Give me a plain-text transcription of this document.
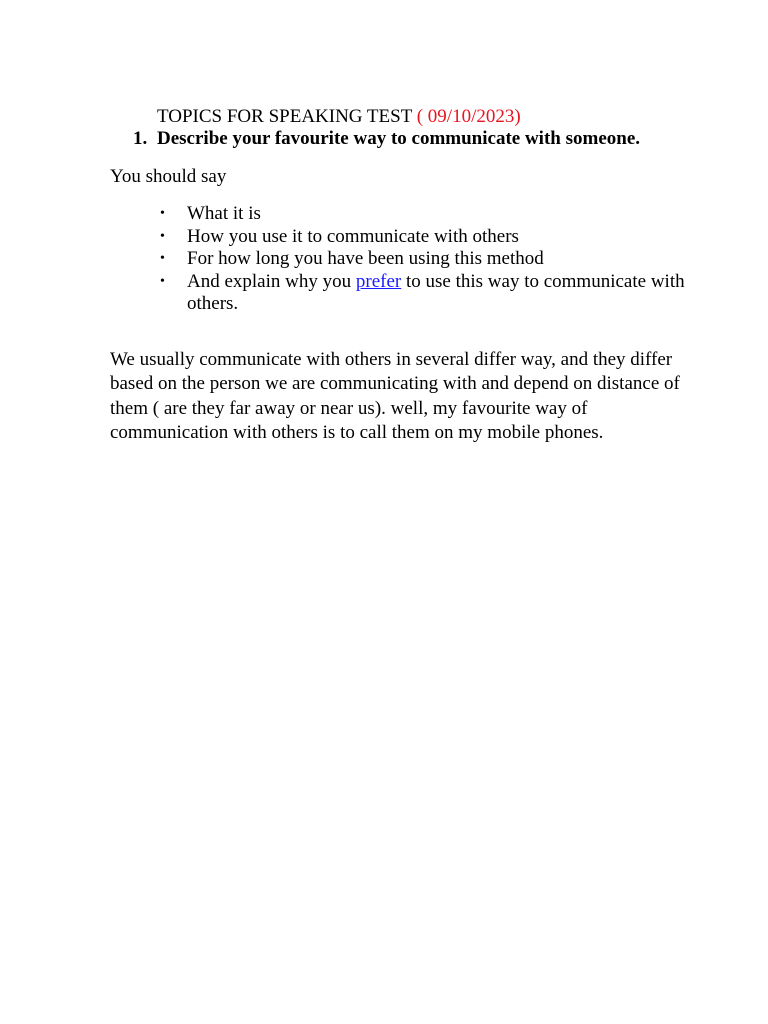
TOPICS FOR SPEAKING TEST ( 09/10/2023)
1. Describe your favourite way to communicate with someone.
You should say
• What it is
• How you use it to communicate with others
• For how long you have been using this method
• And explain why you prefer to use this way to communicate with others.

We usually communicate with others in several differ way, and they differ based on the person we are communicating with and depend on distance of them ( are they far away or near us). well, my favourite way of communication with others is to call them on my mobile phones.
